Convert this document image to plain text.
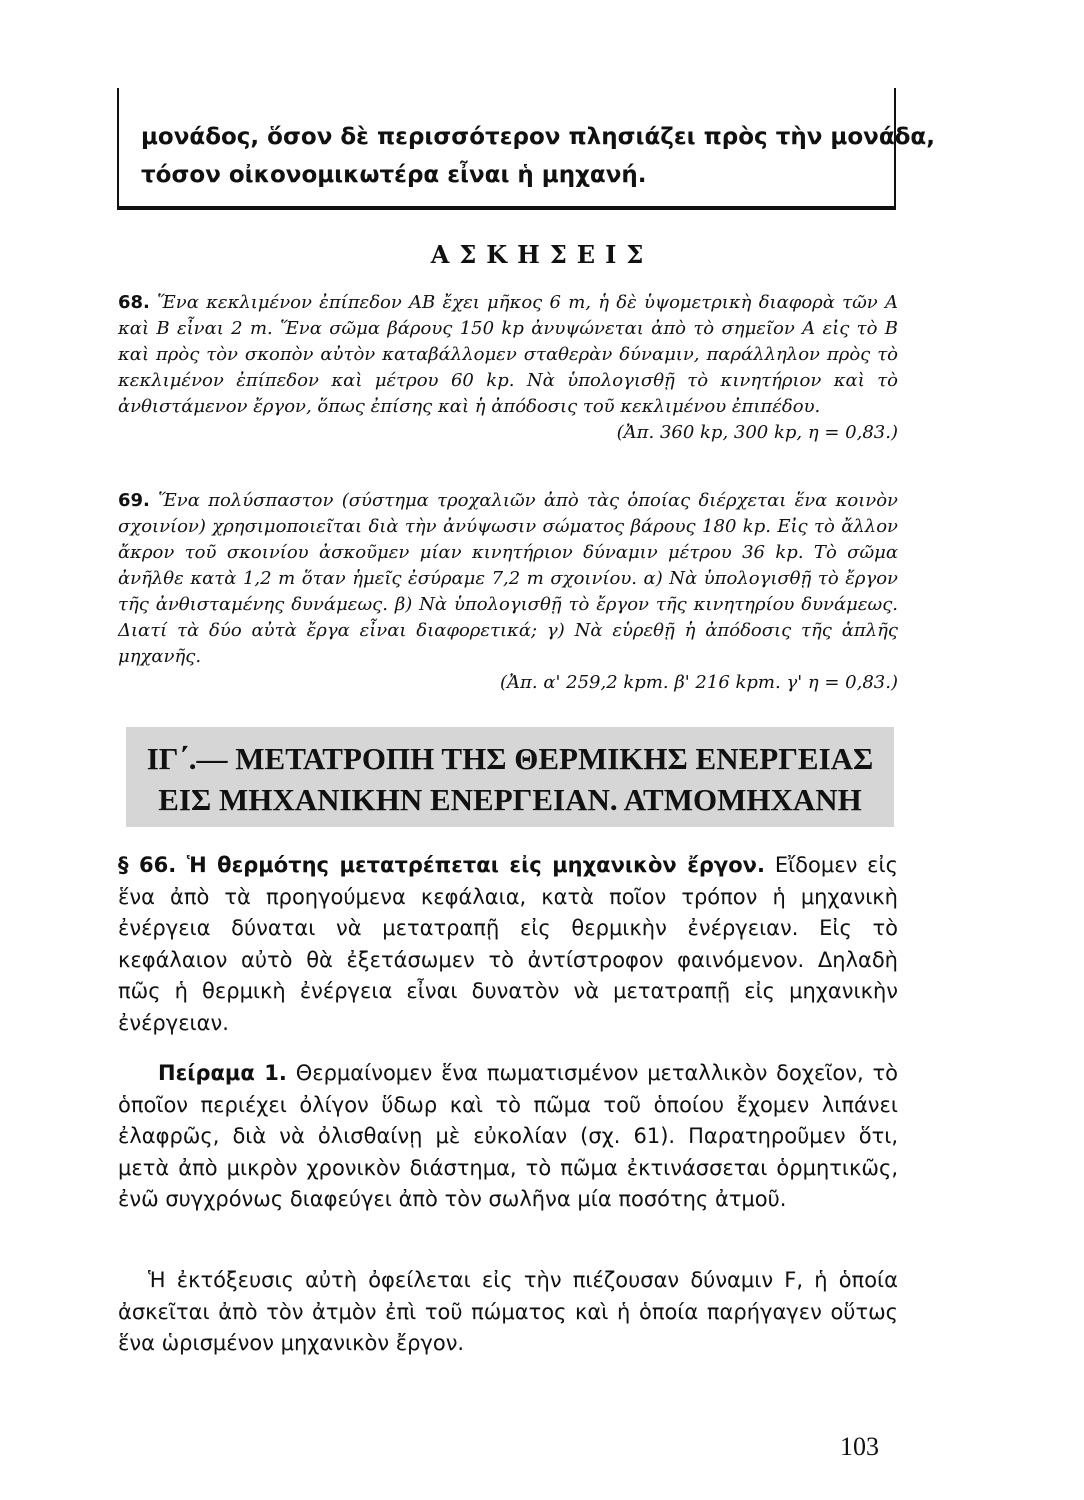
μονάδος, ὅσον δὲ περισσότερον πλησιάζει πρὸς τὴν μονάδα,

τόσον οἰκονομικωτέρα εἶναι ἡ μηχανή.

ΑΣΚΗΣΕΙΣ
68. Ἕνα κεκλιμένον ἐπίπεδον ΑΒ ἔχει μῆκος 6 m, ἡ δὲ ὑψομετρικὴ διαφορὰ τῶν Α καὶ Β εἶναι 2 m. Ἕνα σῶμα βάρους 150 kp ἀνυψώνεται ἀπὸ τὸ σημεῖον Α εἰς τὸ Β καὶ πρὸς τὸν σκοπὸν αὐτὸν καταβάλλομεν σταθερὰν δύναμιν, παράλληλον πρὸς τὸ κεκλιμένον ἐπίπεδον καὶ μέτρου 60 kp. Νὰ ὑπολογισθῇ τὸ κινητήριον καὶ τὸ ἀνθιστάμενον ἔργον, ὅπως ἐπίσης καὶ ἡ ἀπόδοσις τοῦ κεκλιμένου ἐπιπέδου.
(Ἀπ. 360 kp, 300 kp, η = 0,83.)
69. Ἕνα πολύσπαστον (σύστημα τροχαλιῶν ἀπὸ τὰς ὁποίας διέρχεται ἕνα κοινὸν σχοινίον) χρησιμοποιεῖται διὰ τὴν ἀνύψωσιν σώματος βάρους 180 kp. Εἰς τὸ ἄλλον ἄκρον τοῦ σκοινίου ἀσκοῦμεν μίαν κινητήριον δύναμιν μέτρου 36 kp. Τὸ σῶμα ἀνῆλθε κατὰ 1,2 m ὅταν ἡμεῖς ἐσύραμε 7,2 m σχοινίου. α) Νὰ ὑπολογισθῇ τὸ ἔργον τῆς ἀνθισταμένης δυνάμεως. β) Νὰ ὑπολογισθῇ τὸ ἔργον τῆς κινητηρίου δυνάμεως. Διατί τὰ δύο αὐτὰ ἔργα εἶναι διαφορετικά; γ) Νὰ εὑρεθῇ ἡ ἀπόδοσις τῆς ἁπλῆς μηχανῆς.
(Ἀπ. α' 259,2 kpm. β' 216 kpm. γ' η = 0,83.)
ΙΓ΄.— ΜΕΤΑΤΡΟΠΗ ΤΗΣ ΘΕΡΜΙΚΗΣ ΕΝΕΡΓΕΙΑΣ
ΕΙΣ ΜΗΧΑΝΙΚΗΝ ΕΝΕΡΓΕΙΑΝ. ΑΤΜΟΜΗΧΑΝΗ
§ 66. Ἡ θερμότης μετατρέπεται εἰς μηχανικὸν ἔργον. Εἴδομεν εἰς ἕνα ἀπὸ τὰ προηγούμενα κεφάλαια, κατὰ ποῖον τρόπον ἡ μηχανικὴ ἐνέργεια δύναται νὰ μετατραπῇ εἰς θερμικὴν ἐνέργειαν. Εἰς τὸ κεφάλαιον αὐτὸ θὰ ἐξετάσωμεν τὸ ἀντίστροφον φαινόμενον. Δηλαδὴ πῶς ἡ θερμικὴ ἐνέργεια εἶναι δυνατὸν νὰ μετατραπῇ εἰς μηχανικὴν ἐνέργειαν.
Πείραμα 1. Θερμαίνομεν ἕνα πωματισμένον μεταλλικὸν δοχεῖον, τὸ ὁποῖον περιέχει ὀλίγον ὕδωρ καὶ τὸ πῶμα τοῦ ὁποίου ἔχομεν λιπάνει ἐλαφρῶς, διὰ νὰ ὀλισθαίνῃ μὲ εὐκολίαν (σχ. 61). Παρατηροῦμεν ὅτι, μετὰ ἀπὸ μικρὸν χρονικὸν διάστημα, τὸ πῶμα ἐκτινάσσεται ὁρμητικῶς, ἐνῶ συγχρόνως διαφεύγει ἀπὸ τὸν σωλῆνα μία ποσότης ἀτμοῦ.
Ἡ ἐκτόξευσις αὐτὴ ὀφείλεται εἰς τὴν πιέζουσαν δύναμιν F, ἡ ὁποία ἀσκεῖται ἀπὸ τὸν ἀτμὸν ἐπὶ τοῦ πώματος καὶ ἡ ὁποία παρήγαγεν οὕτως ἕνα ὡρισμένον μηχανικὸν ἔργον.
103
